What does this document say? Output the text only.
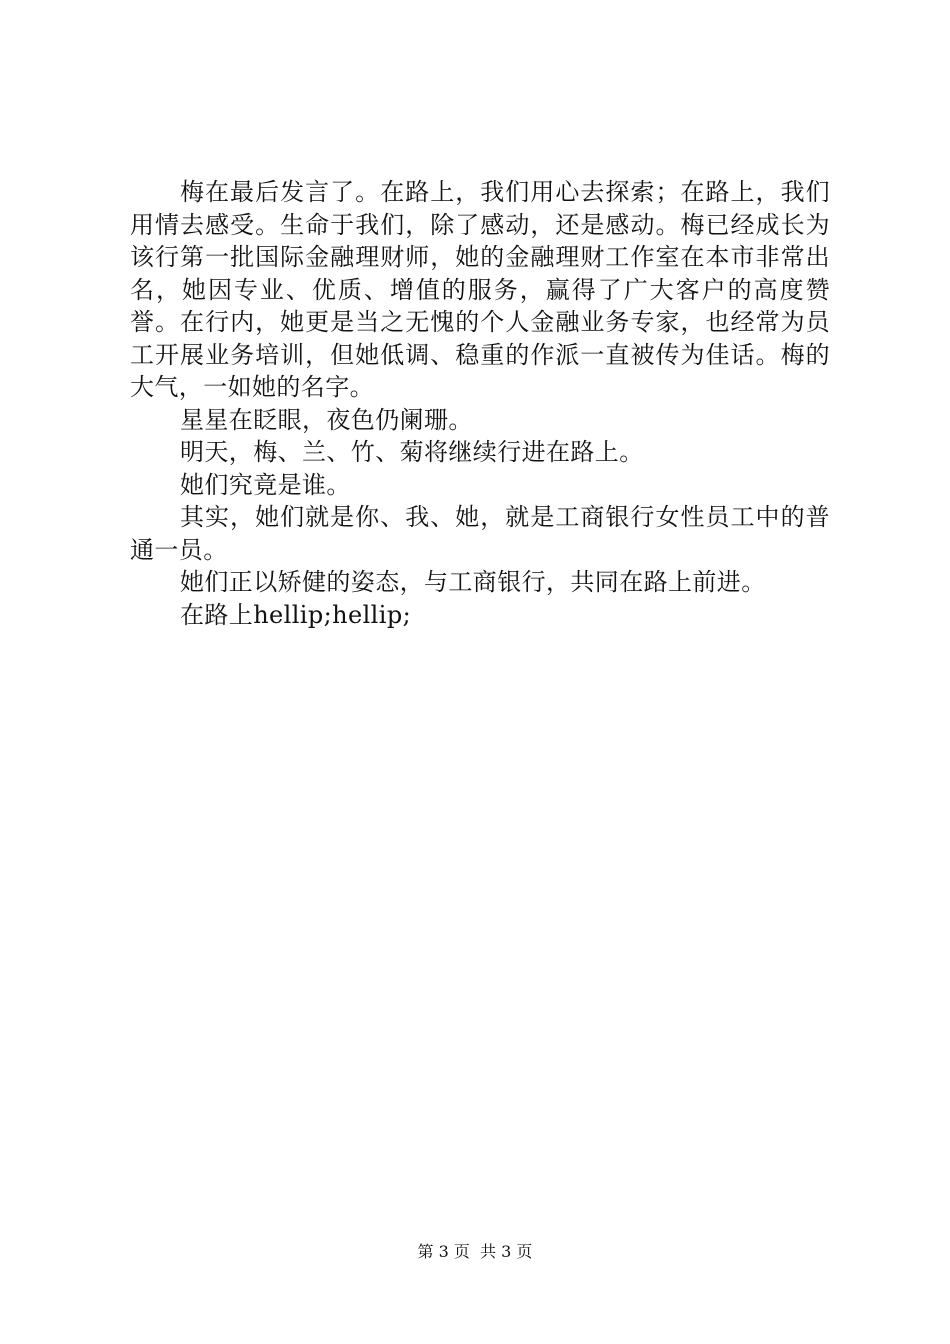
梅在最后发言了。在路上，我们用心去探索；在路上，我们用情去感受。生命于我们，除了感动，还是感动。梅已经成长为该行第一批国际金融理财师，她的金融理财工作室在本市非常出名，她因专业、优质、增值的服务，赢得了广大客户的高度赞誉。在行内，她更是当之无愧的个人金融业务专家，也经常为员工开展业务培训，但她低调、稳重的作派一直被传为佳话。梅的大气，一如她的名字。

星星在眨眼，夜色仍阑珊。

明天，梅、兰、竹、菊将继续行进在路上。

她们究竟是谁。

其实，她们就是你、我、她，就是工商银行女性员工中的普通一员。

她们正以矫健的姿态，与工商银行，共同在路上前进。

在路上hellip;hellip;

第 3 页  共 3 页
